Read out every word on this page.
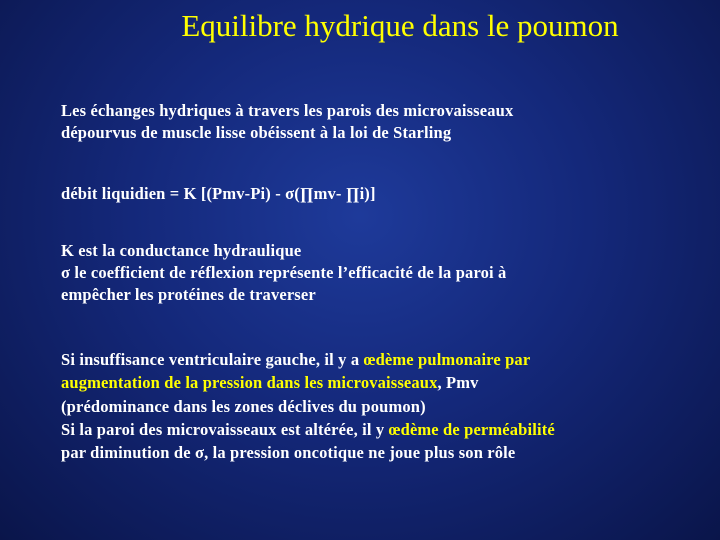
Equilibre hydrique dans le poumon
Les échanges hydriques à travers les parois des microvaisseaux
dépourvus de muscle lisse obéissent à la loi de Starling
débit liquidien = K [(Pmv-Pi) - σ(∏mv- ∏i)]
K est la conductance hydraulique
σ le coefficient de réflexion représente l’efficacité de la paroi à
empêcher les protéines de traverser
Si insuffisance ventriculaire gauche, il y a œdème pulmonaire par
augmentation de la pression dans les microvaisseaux, Pmv
(prédominance dans les zones déclives du poumon)
Si la paroi des microvaisseaux est altérée, il y œdème de perméabilité
par diminution de σ, la pression oncotique ne joue plus son rôle
